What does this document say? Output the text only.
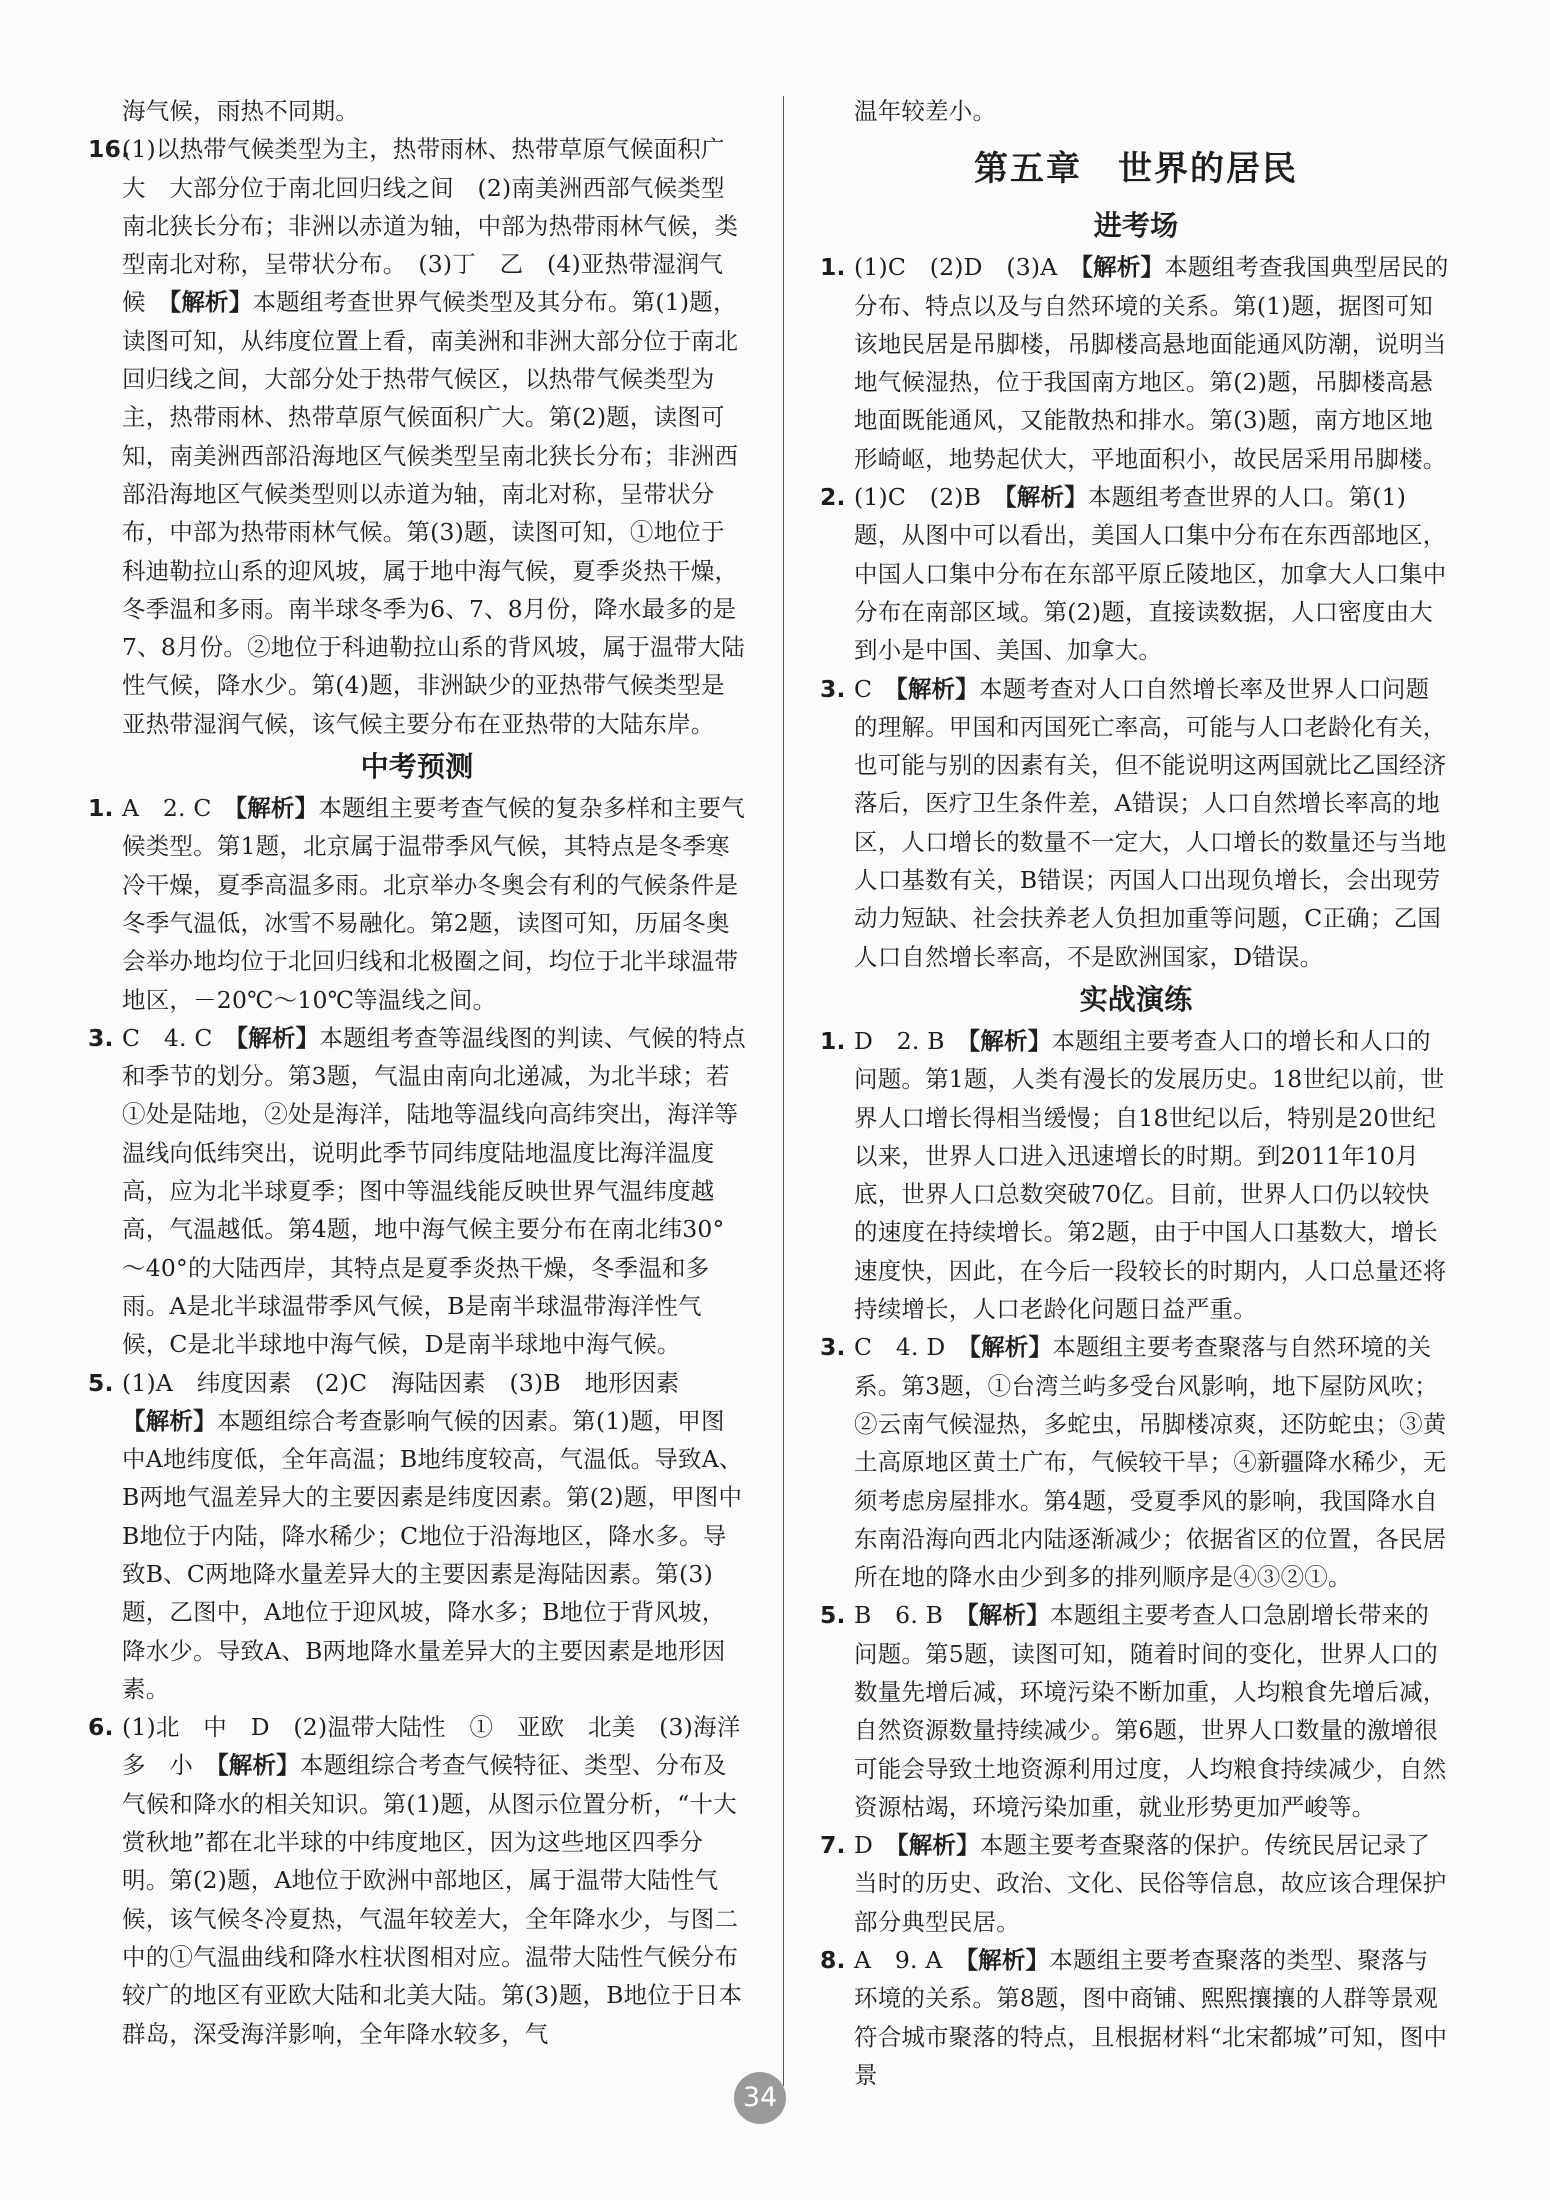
海气候，雨热不同期。

16.
(1)以热带气候类型为主，热带雨林、热带草原气候面积广大　大部分位于南北回归线之间　(2)南美洲西部气候类型南北狭长分布；非洲以赤道为轴，中部为热带雨林气候，类型南北对称，呈带状分布。　(3)丁　乙　(4)亚热带湿润气候　【解析】本题组考查世界气候类型及其分布。第(1)题，读图可知，从纬度位置上看，南美洲和非洲大部分位于南北回归线之间，大部分处于热带气候区，以热带气候类型为主，热带雨林、热带草原气候面积广大。第(2)题，读图可知，南美洲西部沿海地区气候类型呈南北狭长分布；非洲西部沿海地区气候类型则以赤道为轴，南北对称，呈带状分布，中部为热带雨林气候。第(3)题，读图可知，①地位于科迪勒拉山系的迎风坡，属于地中海气候，夏季炎热干燥，冬季温和多雨。南半球冬季为6、7、8月份，降水最多的是7、8月份。②地位于科迪勒拉山系的背风坡，属于温带大陆性气候，降水少。第(4)题，非洲缺少的亚热带气候类型是亚热带湿润气候，该气候主要分布在亚热带的大陆东岸。
中考预测
1. A　2. C　【解析】本题组主要考查气候的复杂多样和主要气候类型。第1题，北京属于温带季风气候，其特点是冬季寒冷干燥，夏季高温多雨。北京举办冬奥会有利的气候条件是冬季气温低，冰雪不易融化。第2题，读图可知，历届冬奥会举办地均位于北回归线和北极圈之间，均位于北半球温带地区，－20℃～10℃等温线之间。
3. C　4. C　【解析】本题组考查等温线图的判读、气候的特点和季节的划分。第3题，气温由南向北递减，为北半球；若①处是陆地，②处是海洋，陆地等温线向高纬突出，海洋等温线向低纬突出，说明此季节同纬度陆地温度比海洋温度高，应为北半球夏季；图中等温线能反映世界气温纬度越高，气温越低。第4题，地中海气候主要分布在南北纬30°～40°的大陆西岸，其特点是夏季炎热干燥，冬季温和多雨。A是北半球温带季风气候，B是南半球温带海洋性气候，C是北半球地中海气候，D是南半球地中海气候。
5. (1)A　纬度因素　(2)C　海陆因素　(3)B　地形因素
【解析】本题组综合考查影响气候的因素。第(1)题，甲图中A地纬度低，全年高温；B地纬度较高，气温低。导致A、B两地气温差异大的主要因素是纬度因素。第(2)题，甲图中B地位于内陆，降水稀少；C地位于沿海地区，降水多。导致B、C两地降水量差异大的主要因素是海陆因素。第(3)题，乙图中，A地位于迎风坡，降水多；B地位于背风坡，降水少。导致A、B两地降水量差异大的主要因素是地形因素。
6. (1)北　中　D　(2)温带大陆性　①　亚欧　北美　(3)海洋　多　小　【解析】本题组综合考查气候特征、类型、分布及气候和降水的相关知识。第(1)题，从图示位置分析，“十大赏秋地”都在北半球的中纬度地区，因为这些地区四季分明。第(2)题，A地位于欧洲中部地区，属于温带大陆性气候，该气候冬冷夏热，气温年较差大，全年降水少，与图二中的①气温曲线和降水柱状图相对应。温带大陆性气候分布较广的地区有亚欧大陆和北美大陆。第(3)题，B地位于日本群岛，深受海洋影响，全年降水较多，气

温年较差小。

第五章　世界的居民
进考场
1. (1)C　(2)D　(3)A　【解析】本题组考查我国典型居民的分布、特点以及与自然环境的关系。第(1)题，据图可知该地民居是吊脚楼，吊脚楼高悬地面能通风防潮，说明当地气候湿热，位于我国南方地区。第(2)题，吊脚楼高悬地面既能通风，又能散热和排水。第(3)题，南方地区地形崎岖，地势起伏大，平地面积小，故民居采用吊脚楼。
2. (1)C　(2)B　【解析】本题组考查世界的人口。第(1)题，从图中可以看出，美国人口集中分布在东西部地区，中国人口集中分布在东部平原丘陵地区，加拿大人口集中分布在南部区域。第(2)题，直接读数据，人口密度由大到小是中国、美国、加拿大。
3. C　【解析】本题考查对人口自然增长率及世界人口问题的理解。甲国和丙国死亡率高，可能与人口老龄化有关，也可能与别的因素有关，但不能说明这两国就比乙国经济落后，医疗卫生条件差，A错误；人口自然增长率高的地区，人口增长的数量不一定大，人口增长的数量还与当地人口基数有关，B错误；丙国人口出现负增长，会出现劳动力短缺、社会扶养老人负担加重等问题，C正确；乙国人口自然增长率高，不是欧洲国家，D错误。
实战演练
1. D　2. B　【解析】本题组主要考查人口的增长和人口的问题。第1题，人类有漫长的发展历史。18世纪以前，世界人口增长得相当缓慢；自18世纪以后，特别是20世纪以来，世界人口进入迅速增长的时期。到2011年10月底，世界人口总数突破70亿。目前，世界人口仍以较快的速度在持续增长。第2题，由于中国人口基数大，增长速度快，因此，在今后一段较长的时期内，人口总量还将持续增长，人口老龄化问题日益严重。
3. C　4. D　【解析】本题组主要考查聚落与自然环境的关系。第3题，①台湾兰屿多受台风影响，地下屋防风吹；②云南气候湿热，多蛇虫，吊脚楼凉爽，还防蛇虫；③黄土高原地区黄土广布，气候较干旱；④新疆降水稀少，无须考虑房屋排水。第4题，受夏季风的影响，我国降水自东南沿海向西北内陆逐渐减少；依据省区的位置，各民居所在地的降水由少到多的排列顺序是④③②①。
5. B　6. B　【解析】本题组主要考查人口急剧增长带来的问题。第5题，读图可知，随着时间的变化，世界人口的数量先增后减，环境污染不断加重，人均粮食先增后减，自然资源数量持续减少。第6题，世界人口数量的激增很可能会导致土地资源利用过度，人均粮食持续减少，自然资源枯竭，环境污染加重，就业形势更加严峻等。
7. D　【解析】本题主要考查聚落的保护。传统民居记录了当时的历史、政治、文化、民俗等信息，故应该合理保护部分典型民居。
8. A　9. A　【解析】本题组主要考查聚落的类型、聚落与环境的关系。第8题，图中商铺、熙熙攘攘的人群等景观符合城市聚落的特点，且根据材料“北宋都城”可知，图中景
34
